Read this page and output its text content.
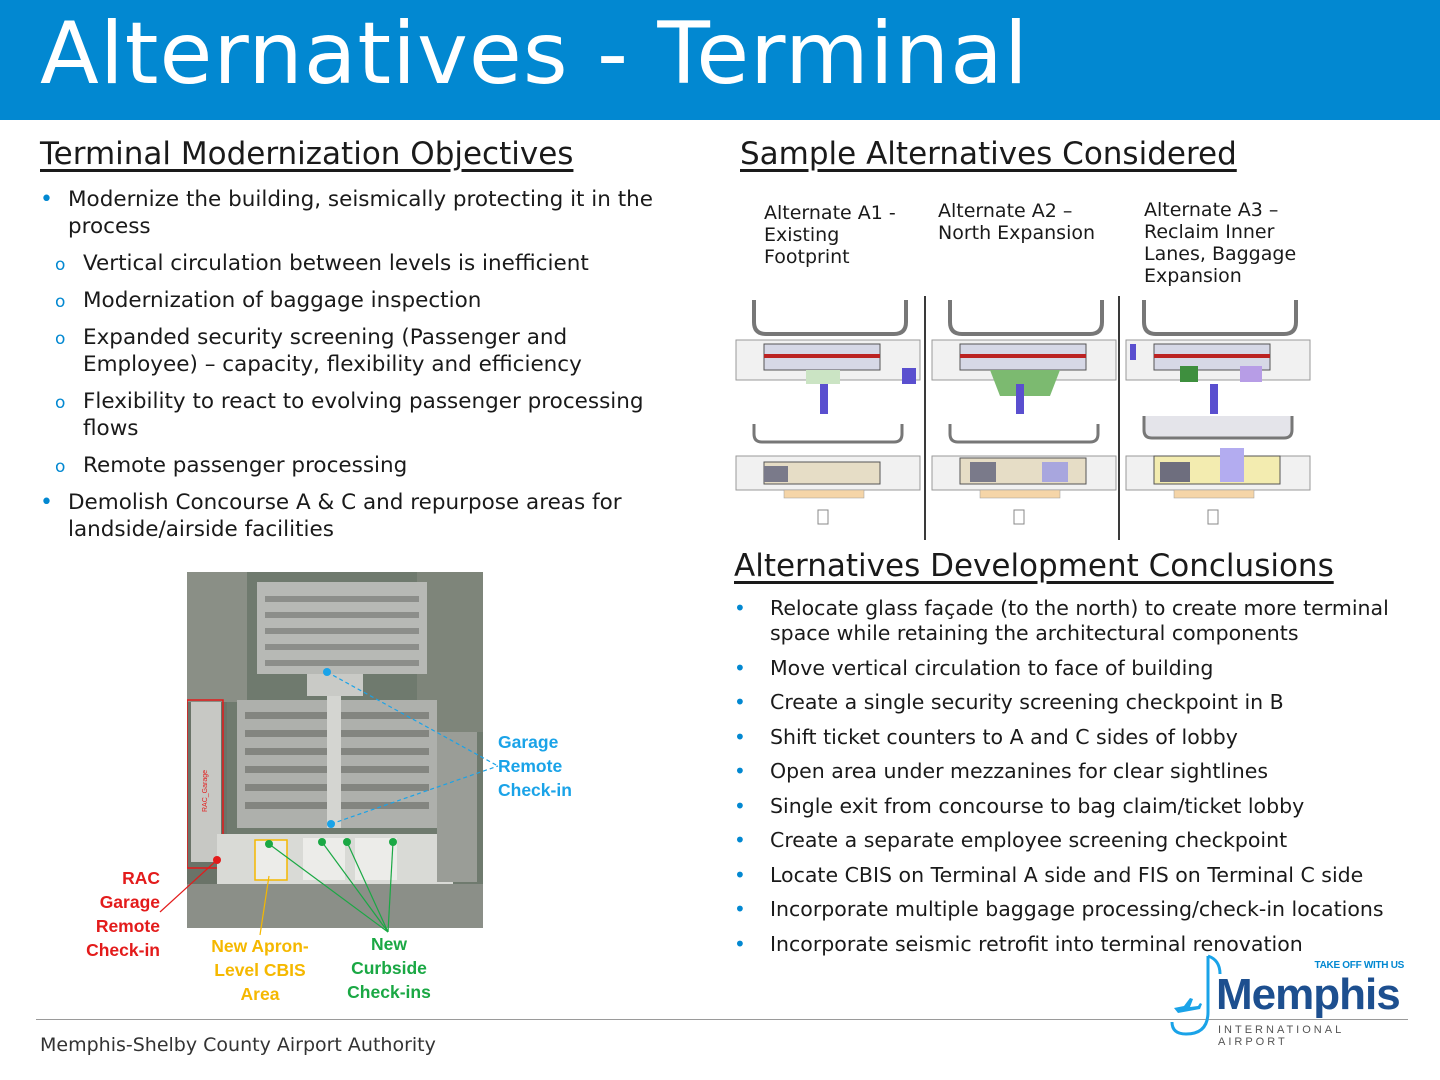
Alternatives - Terminal
Terminal Modernization Objectives
• Modernize the building, seismically protecting it in the process
o Vertical circulation between levels is inefficient
o Modernization of baggage inspection
o Expanded security screening (Passenger and Employee) – capacity, flexibility and efficiency
o Flexibility to react to evolving passenger processing flows
o Remote passenger processing
• Demolish Concourse A & C and repurpose areas for landside/airside facilities
RAC_Garage
Garage
Remote
Check-in
RAC
Garage
Remote
Check-in	New Apron-
Level CBIS
Area
New
Curbside
Check-ins
Sample Alternatives Considered
Alternate A1 -
Existing
Footprint
Alternate A2 –
North Expansion
Alternate A3 –
Reclaim Inner
Lanes, Baggage
Expansion
Alternatives Development Conclusions
• Relocate glass façade (to the north) to create more terminal space while retaining the architectural components
• Move vertical circulation to face of building
• Create a single security screening checkpoint in B
• Shift ticket counters to A and C sides of lobby
• Open area under mezzanines for clear sightlines
• Single exit from concourse to bag claim/ticket lobby
• Create a separate employee screening checkpoint
• Locate CBIS on Terminal A side and FIS on Terminal C side
• Incorporate multiple baggage processing/check-in locations
• Incorporate seismic retrofit into terminal renovation
Memphis-Shelby County Airport Authority
TAKE OFF WITH US
Memphis
INTERNATIONAL AIRPORT
